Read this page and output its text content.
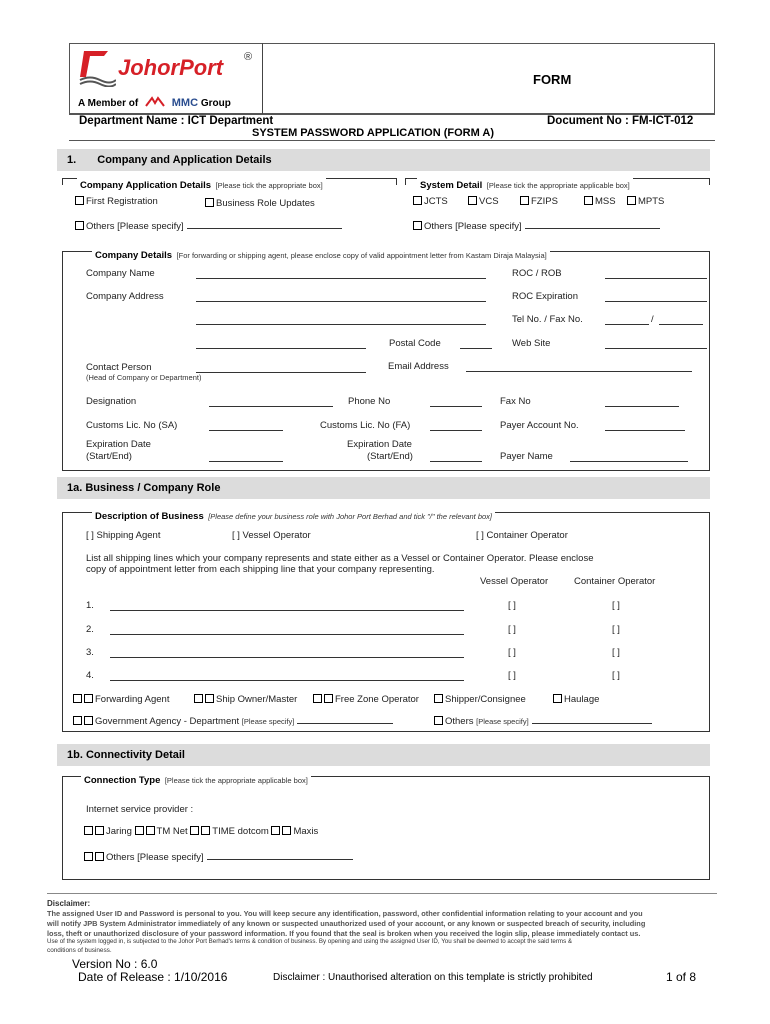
JohorPort ®
A Member of	MMC Group
FORM
Department Name : ICT Department	Document No : FM-ICT-012
SYSTEM PASSWORD APPLICATION (FORM A)
1. Company and Application Details
Company Application Details [Please tick the appropriate box]
First Registration	Business Role Updates
Others [Please specify]
System Detail [Please tick the appropriate applicable box]
JCTS	VCS	FZIPS	MSS	MPTS
Others [Please specify]
Company Details [For forwarding or shipping agent, please enclose copy of valid appointment letter from Kastam Diraja Malaysia]
Company Name	ROC / ROB
Company Address	ROC Expiration
Tel No. / Fax No.	/
Postal Code	Web Site
Contact Person
(Head of Company or Department)
Email Address
Designation	Phone No	Fax No
Customs Lic. No (SA)	Customs Lic. No (FA)	Payer Account No.
Expiration Date
(Start/End)
Expiration Date
(Start/End)	Payer Name
1a. Business / Company Role
Description of Business [Please define your business role with Johor Port Berhad and tick "/" the relevant box]
[ ] Shipping Agent	[ ] Vessel Operator	[ ] Container Operator
List all shipping lines which your company represents and state either as a Vessel or Container Operator. Please enclose
copy of appointment letter from each shipping line that your company representing.
Vessel Operator	Container Operator
1.	[ ]	[ ]
2.	[ ]	[ ]
3.	[ ]	[ ]
4.	[ ]	[ ]
Forwarding Agent	Ship Owner/Master	Free Zone Operator	Shipper/Consignee	Haulage
Government Agency - Department [Please specify]	Others [Please specify]
1b. Connectivity Detail
Connection Type [Please tick the appropriate applicable box]
Internet service provider :
Jaring	TM Net	TIME dotcom	Maxis
Others [Please specify]
Disclaimer:
The assigned User ID and Password is personal to you. You will keep secure any identification, password, other confidential information relating to your account and you
will notify JPB System Administrator immediately of any known or suspected unauthorized used of your account, or any known or suspected breach of security, including
loss, theft or unauthorized disclosure of your password information. If you found that the seal is broken when you received the login slip, please immediately contact us.
Use of the system logged in, is subjected to the Johor Port Berhad's terms & condition of business. By opening and using the assigned User ID, You shall be deemed to accept the said terms &
conditions of business.
Version No : 6.0
Date of Release : 1/10/2016	Disclaimer : Unauthorised alteration on this template is strictly prohibited	1 of 8
